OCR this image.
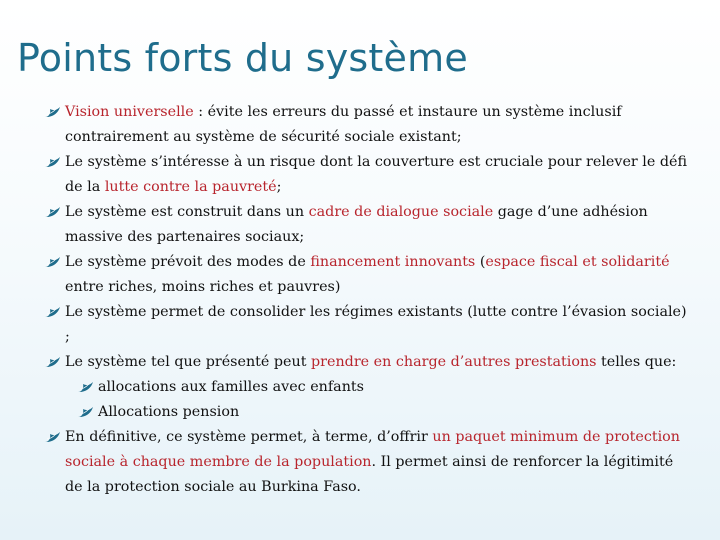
Points forts du système

Vision universelle : évite les erreurs du passé et instaure un système inclusif contrairement au système de sécurité sociale existant;

Le système s’intéresse à un risque dont la couverture est cruciale pour relever le défi de la lutte contre la pauvreté;

Le système est construit dans un cadre de dialogue sociale gage d’une adhésion massive des partenaires sociaux;

Le système prévoit des modes de financement innovants (espace fiscal et solidarité entre riches, moins riches et pauvres)

Le système permet de consolider les régimes existants (lutte contre l’évasion sociale) ;

Le système tel que présenté peut prendre en charge d’autres prestations telles que:

allocations aux familles avec enfants

Allocations pension

En définitive, ce système permet, à terme, d’offrir un paquet minimum de protection sociale à chaque membre de la population. Il permet ainsi de renforcer la légitimité de la protection sociale au Burkina Faso.
